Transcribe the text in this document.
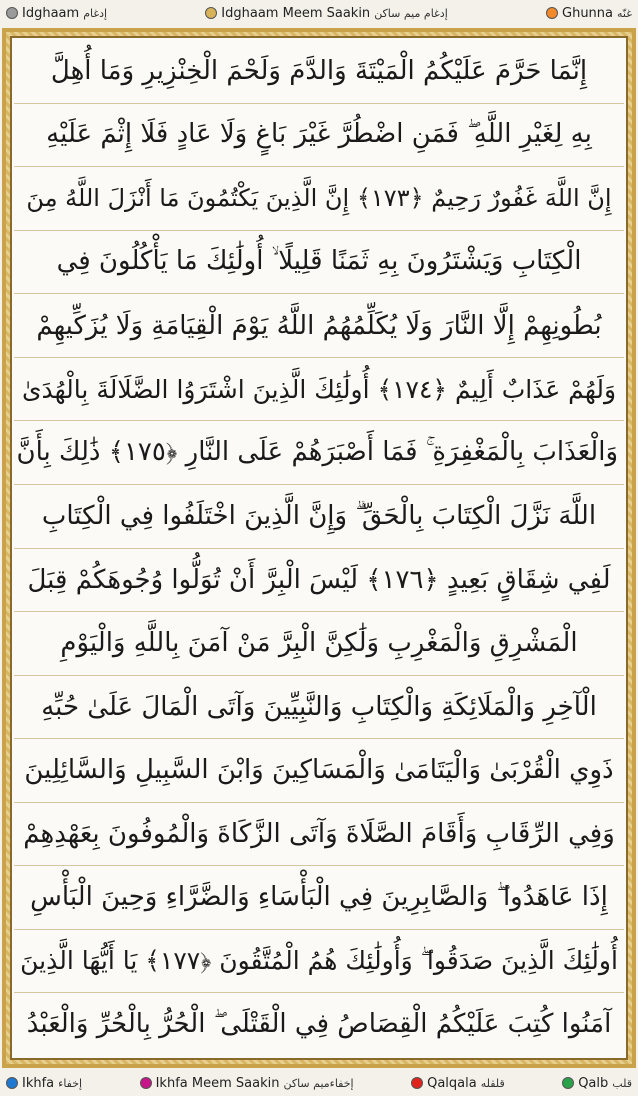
Idghaam إدغام	Idghaam Meem Saakin إدغام ميم ساكن	Ghunna غنّه
إِنَّمَا حَرَّمَ عَلَيْكُمُ الْمَيْتَةَ وَالدَّمَ وَلَحْمَ الْخِنْزِيرِ وَمَا أُهِلَّ
بِهِ لِغَيْرِ اللَّهِ ۖ فَمَنِ اضْطُرَّ غَيْرَ بَاغٍ وَلَا عَادٍ فَلَا إِثْمَ عَلَيْهِ
إِنَّ اللَّهَ غَفُورٌ رَحِيمٌ ﴿١٧٣﴾ إِنَّ الَّذِينَ يَكْتُمُونَ مَا أَنْزَلَ اللَّهُ مِنَ
الْكِتَابِ وَيَشْتَرُونَ بِهِ ثَمَنًا قَلِيلًا ۙ أُولَٰئِكَ مَا يَأْكُلُونَ فِي
بُطُونِهِمْ إِلَّا النَّارَ وَلَا يُكَلِّمُهُمُ اللَّهُ يَوْمَ الْقِيَامَةِ وَلَا يُزَكِّيهِمْ
وَلَهُمْ عَذَابٌ أَلِيمٌ ﴿١٧٤﴾ أُولَٰئِكَ الَّذِينَ اشْتَرَوُا الضَّلَالَةَ بِالْهُدَىٰ
وَالْعَذَابَ بِالْمَغْفِرَةِ ۚ فَمَا أَصْبَرَهُمْ عَلَى النَّارِ ﴿١٧٥﴾ ذَٰلِكَ بِأَنَّ
اللَّهَ نَزَّلَ الْكِتَابَ بِالْحَقِّ ۗ وَإِنَّ الَّذِينَ اخْتَلَفُوا فِي الْكِتَابِ
لَفِي شِقَاقٍ بَعِيدٍ ﴿١٧٦﴾ لَيْسَ الْبِرَّ أَنْ تُوَلُّوا وُجُوهَكُمْ قِبَلَ
الْمَشْرِقِ وَالْمَغْرِبِ وَلَٰكِنَّ الْبِرَّ مَنْ آمَنَ بِاللَّهِ وَالْيَوْمِ
الْآخِرِ وَالْمَلَائِكَةِ وَالْكِتَابِ وَالنَّبِيِّينَ وَآتَى الْمَالَ عَلَىٰ حُبِّهِ
ذَوِي الْقُرْبَىٰ وَالْيَتَامَىٰ وَالْمَسَاكِينَ وَابْنَ السَّبِيلِ وَالسَّائِلِينَ
وَفِي الرِّقَابِ وَأَقَامَ الصَّلَاةَ وَآتَى الزَّكَاةَ وَالْمُوفُونَ بِعَهْدِهِمْ
إِذَا عَاهَدُوا ۖ وَالصَّابِرِينَ فِي الْبَأْسَاءِ وَالضَّرَّاءِ وَحِينَ الْبَأْسِ
أُولَٰئِكَ الَّذِينَ صَدَقُوا ۖ وَأُولَٰئِكَ هُمُ الْمُتَّقُونَ ﴿١٧٧﴾ يَا أَيُّهَا الَّذِينَ
آمَنُوا كُتِبَ عَلَيْكُمُ الْقِصَاصُ فِي الْقَتْلَى ۖ الْحُرُّ بِالْحُرِّ وَالْعَبْدُ
Ikhfa إخفاء	Ikhfa Meem Saakin إخفاءميم ساكن	Qalqala قلقله	Qalb قلب
